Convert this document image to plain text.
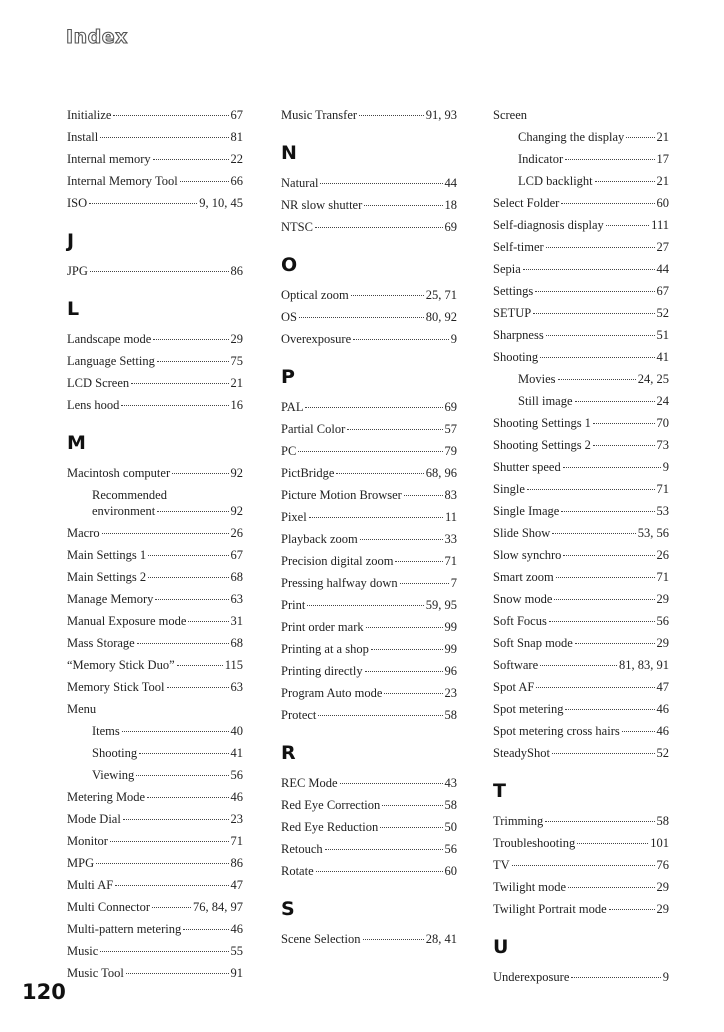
Index
Initialize	67
Install	81
Internal memory	22
Internal Memory Tool	66
ISO	9, 10, 45
J
JPG	86
L
Landscape mode	29
Language Setting	75
LCD Screen	21
Lens hood	16
M
Macintosh computer	92
Recommended
environment	92
Macro	26
Main Settings 1	67
Main Settings 2	68
Manage Memory	63
Manual Exposure mode	31
Mass Storage	68
“Memory Stick Duo”	115
Memory Stick Tool	63
Menu
Items	40
Shooting	41
Viewing	56
Metering Mode	46
Mode Dial	23
Monitor	71
MPG	86
Multi AF	47
Multi Connector	76, 84, 97
Multi-pattern metering	46
Music	55
Music Tool	91
Music Transfer	91, 93
N
Natural	44
NR slow shutter	18
NTSC	69
O
Optical zoom	25, 71
OS	80, 92
Overexposure	9
P
PAL	69
Partial Color	57
PC	79
PictBridge	68, 96
Picture Motion Browser	83
Pixel	11
Playback zoom	33
Precision digital zoom	71
Pressing halfway down	7
Print	59, 95
Print order mark	99
Printing at a shop	99
Printing directly	96
Program Auto mode	23
Protect	58
R
REC Mode	43
Red Eye Correction	58
Red Eye Reduction	50
Retouch	56
Rotate	60
S
Scene Selection	28, 41
Screen
Changing the display	21
Indicator	17
LCD backlight	21
Select Folder	60
Self-diagnosis display	111
Self-timer	27
Sepia	44
Settings	67
SETUP	52
Sharpness	51
Shooting	41
Movies	24, 25
Still image	24
Shooting Settings 1	70
Shooting Settings 2	73
Shutter speed	9
Single	71
Single Image	53
Slide Show	53, 56
Slow synchro	26
Smart zoom	71
Snow mode	29
Soft Focus	56
Soft Snap mode	29
Software	81, 83, 91
Spot AF	47
Spot metering	46
Spot metering cross hairs	46
SteadyShot	52
T
Trimming	58
Troubleshooting	101
TV	76
Twilight mode	29
Twilight Portrait mode	29
U
Underexposure	9
120
